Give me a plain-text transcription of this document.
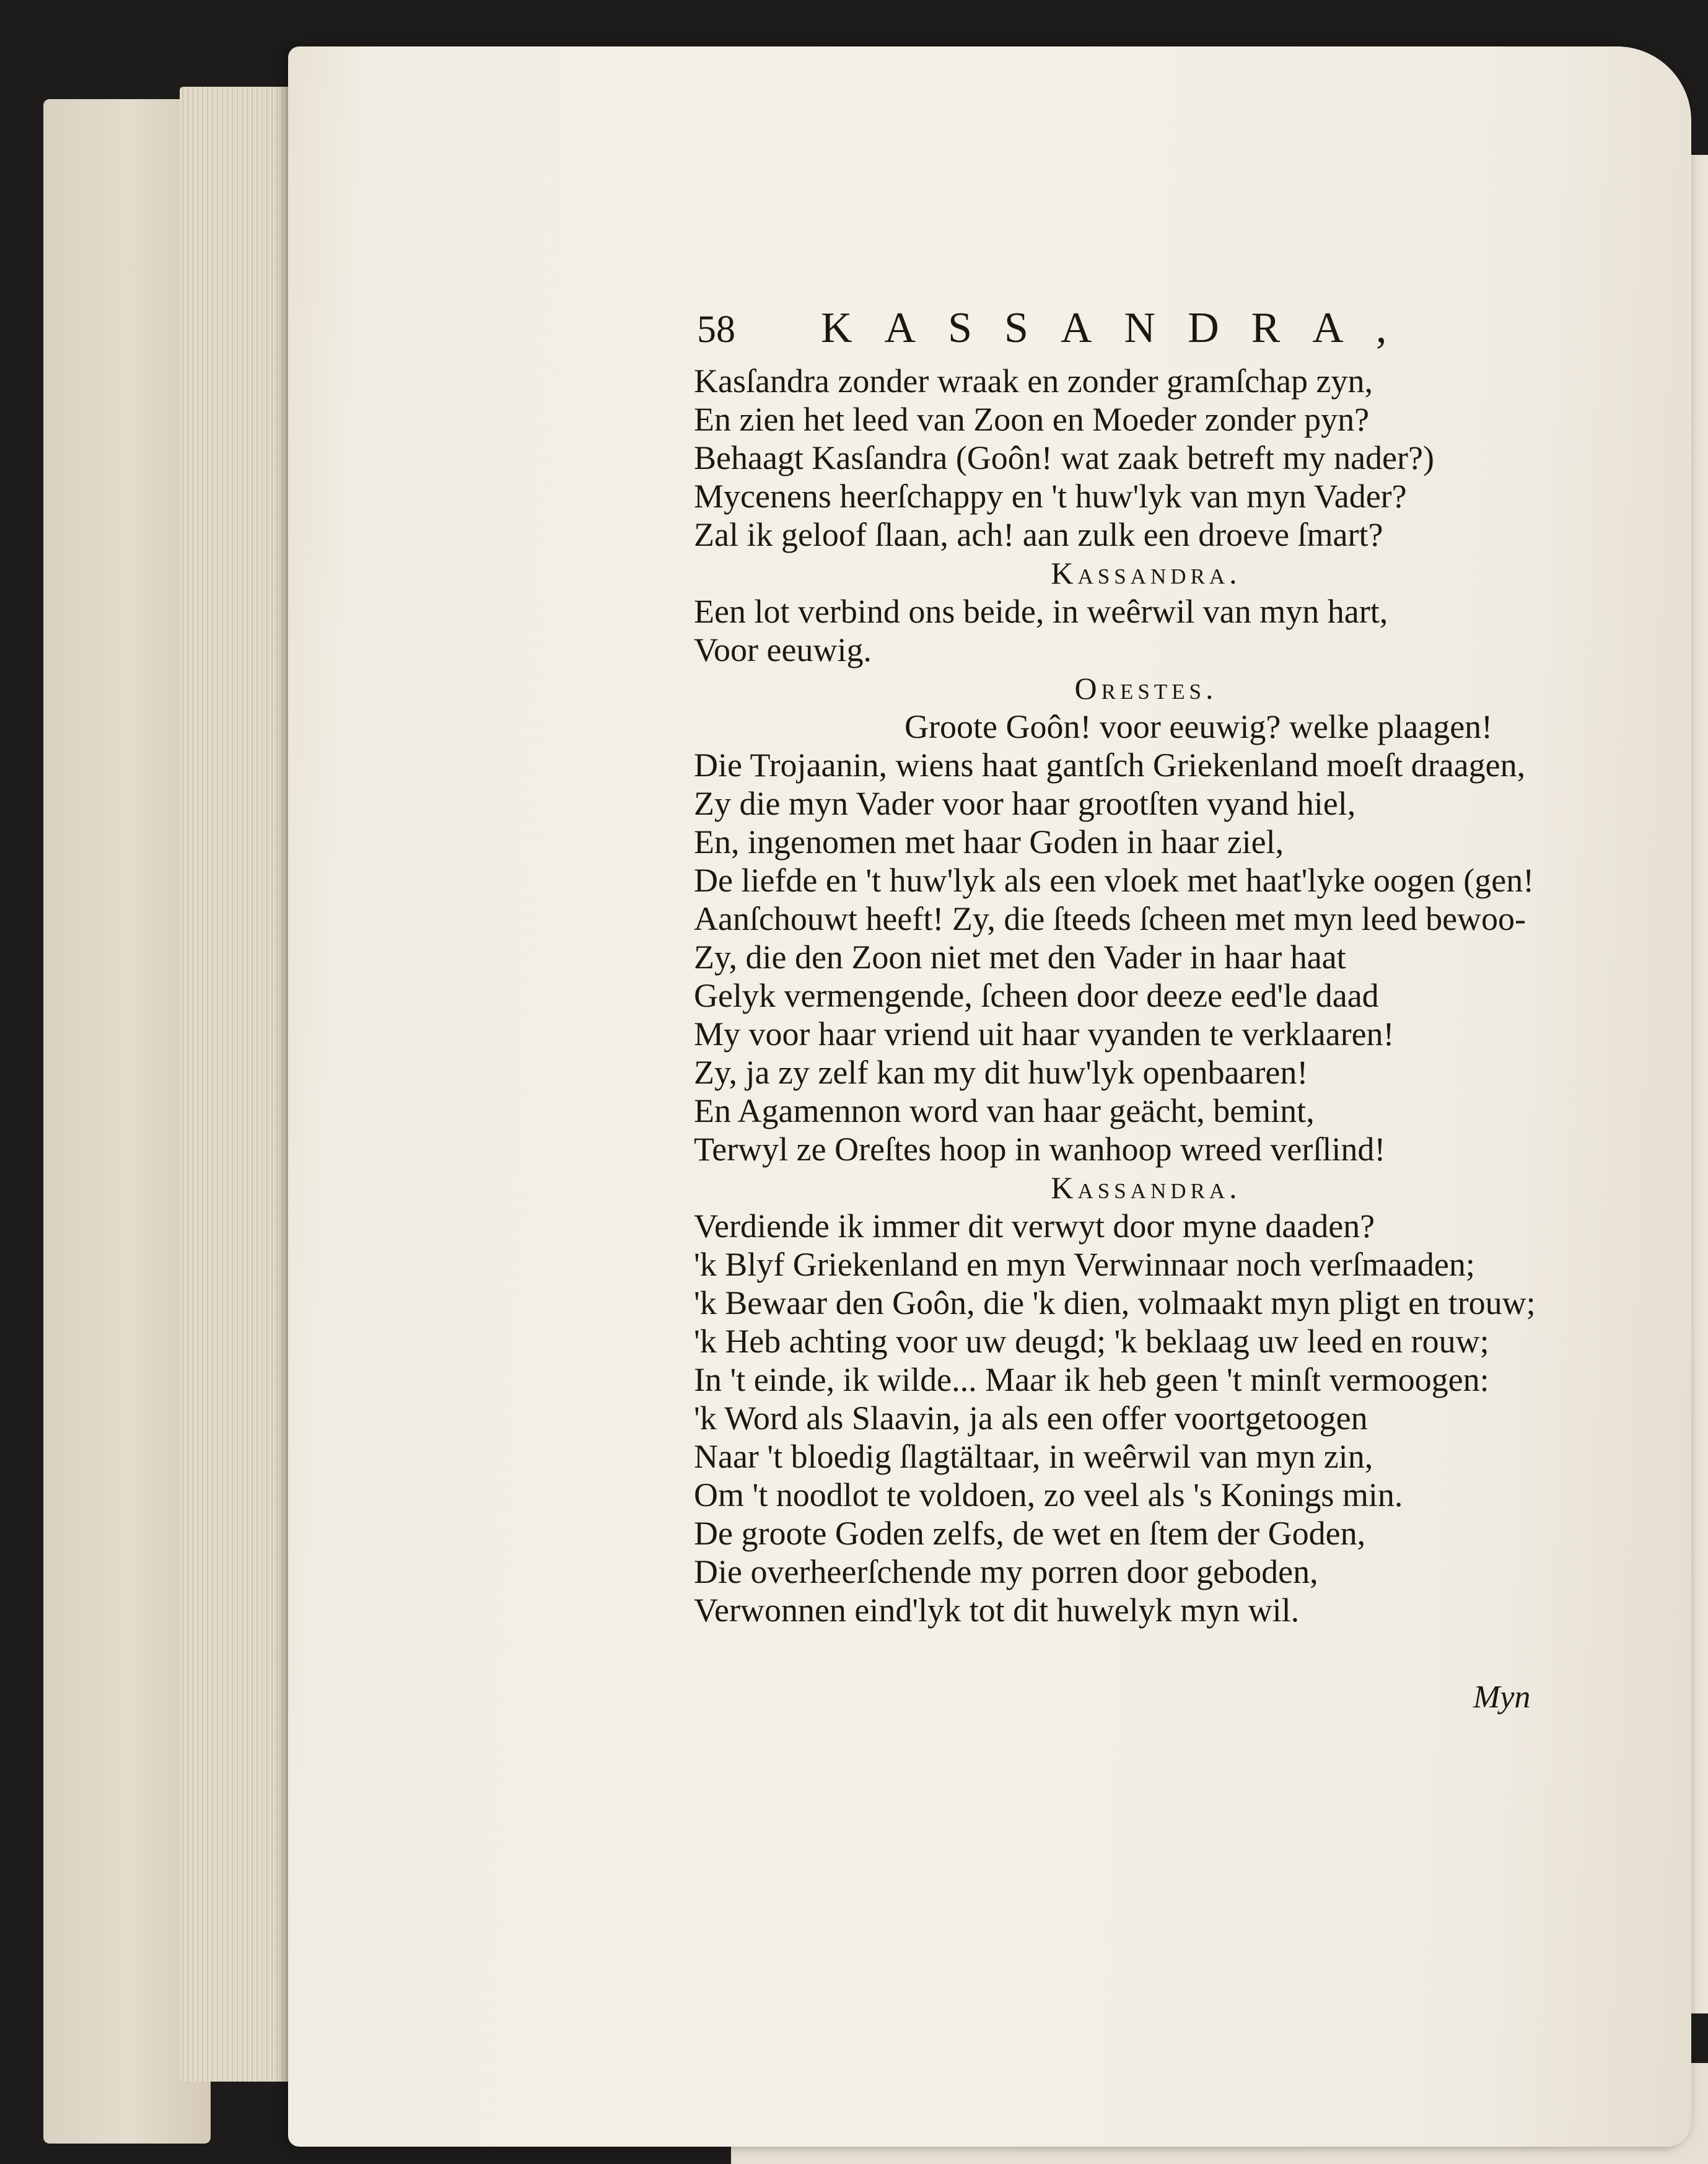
58	KASSANDRA,
Kasſandra zonder wraak en zonder gramſchap zyn,
En zien het leed van Zoon en Moeder zonder pyn?
Behaagt Kasſandra (Goôn! wat zaak betreft my nader?)
Mycenens heerſchappy en 't huw'lyk van myn Vader?
Zal ik geloof ſlaan, ach! aan zulk een droeve ſmart?
Kassandra.
Een lot verbind ons beide, in weêrwil van myn hart,
Voor eeuwig.
Orestes.
Groote Goôn! voor eeuwig? welke plaagen!
Die Trojaanin, wiens haat gantſch Griekenland moeſt draagen,
Zy die myn Vader voor haar grootſten vyand hiel,
En, ingenomen met haar Goden in haar ziel,
De liefde en 't huw'lyk als een vloek met haat'lyke oogen (gen!
Aanſchouwt heeft! Zy, die ſteeds ſcheen met myn leed bewoo-
Zy, die den Zoon niet met den Vader in haar haat
Gelyk vermengende, ſcheen door deeze eed'le daad
My voor haar vriend uit haar vyanden te verklaaren!
Zy, ja zy zelf kan my dit huw'lyk openbaaren!
En Agamennon word van haar geächt, bemint,
Terwyl ze Oreſtes hoop in wanhoop wreed verſlind!
Kassandra.
Verdiende ik immer dit verwyt door myne daaden?
'k Blyf Griekenland en myn Verwinnaar noch verſmaaden;
'k Bewaar den Goôn, die 'k dien, volmaakt myn pligt en trouw;
'k Heb achting voor uw deugd; 'k beklaag uw leed en rouw;
In 't einde, ik wilde... Maar ik heb geen 't minſt vermoogen:
'k Word als Slaavin, ja als een offer voortgetoogen
Naar 't bloedig ſlagtältaar, in weêrwil van myn zin,
Om 't noodlot te voldoen, zo veel als 's Konings min.
De groote Goden zelfs, de wet en ſtem der Goden,
Die overheerſchende my porren door geboden,
Verwonnen eind'lyk tot dit huwelyk myn wil.
Myn
